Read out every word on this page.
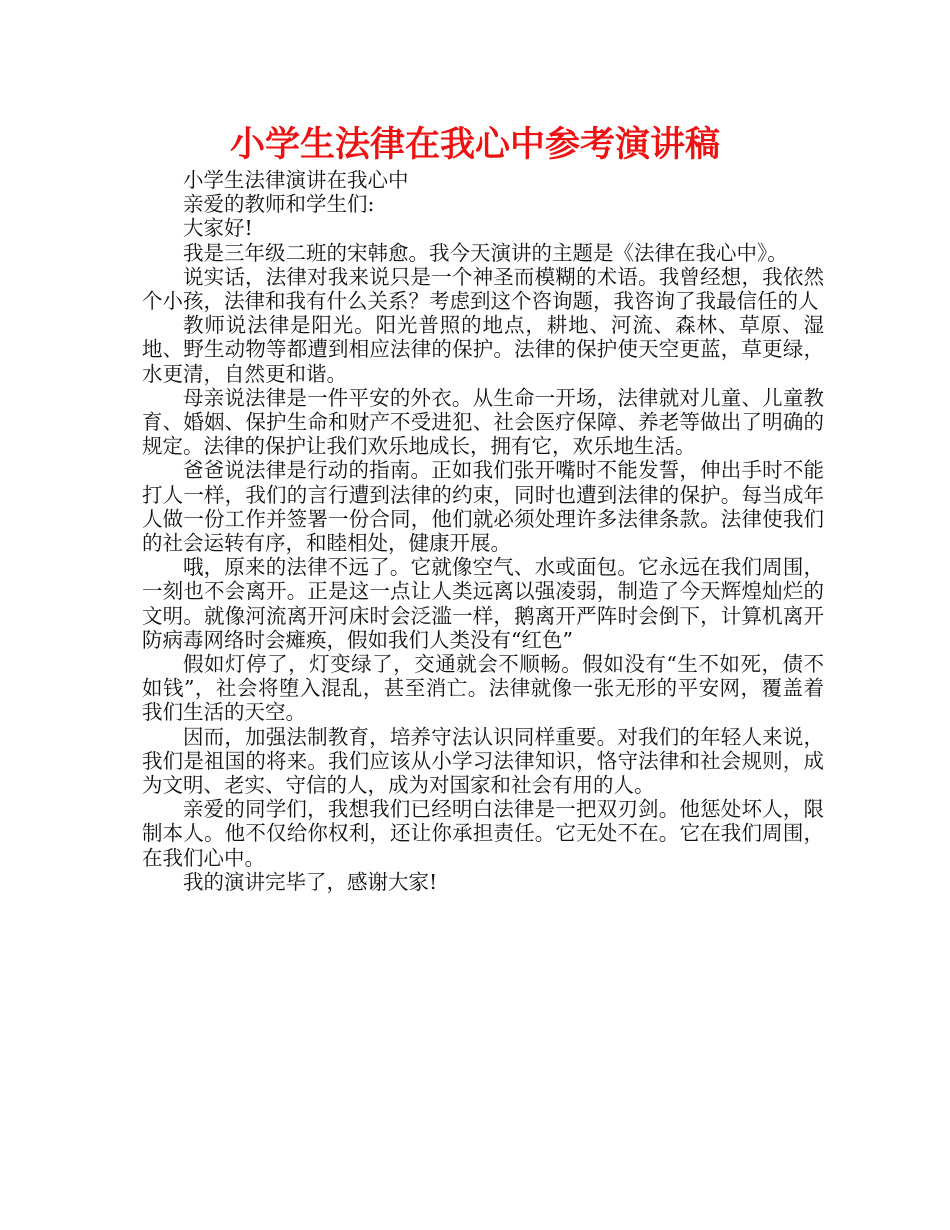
小学生法律在我心中参考演讲稿

小学生法律演讲在我心中

亲爱的教师和学生们:

大家好!

我是三年级二班的宋韩愈。我今天演讲的主题是《法律在我心中》。

说实话，法律对我来说只是一个神圣而模糊的术语。我曾经想，我依然个小孩，法律和我有什么关系？考虑到这个咨询题，我咨询了我最信任的人

教师说法律是阳光。阳光普照的地点，耕地、河流、森林、草原、湿地、野生动物等都遭到相应法律的保护。法律的保护使天空更蓝，草更绿，水更清，自然更和谐。

母亲说法律是一件平安的外衣。从生命一开场，法律就对儿童、儿童教育、婚姻、保护生命和财产不受进犯、社会医疗保障、养老等做出了明确的规定。法律的保护让我们欢乐地成长，拥有它，欢乐地生活。

爸爸说法律是行动的指南。正如我们张开嘴时不能发誓，伸出手时不能打人一样，我们的言行遭到法律的约束，同时也遭到法律的保护。每当成年人做一份工作并签署一份合同，他们就必须处理许多法律条款。法律使我们的社会运转有序，和睦相处，健康开展。

哦，原来的法律不远了。它就像空气、水或面包。它永远在我们周围，一刻也不会离开。正是这一点让人类远离以强凌弱，制造了今天辉煌灿烂的文明。就像河流离开河床时会泛滥一样，鹅离开严阵时会倒下，计算机离开防病毒网络时会瘫痪，假如我们人类没有“红色”

假如灯停了，灯变绿了，交通就会不顺畅。假如没有“生不如死，债不如钱”，社会将堕入混乱，甚至消亡。法律就像一张无形的平安网，覆盖着我们生活的天空。

因而，加强法制教育，培养守法认识同样重要。对我们的年轻人来说，我们是祖国的将来。我们应该从小学习法律知识，恪守法律和社会规则，成为文明、老实、守信的人，成为对国家和社会有用的人。

亲爱的同学们，我想我们已经明白法律是一把双刃剑。他惩处坏人，限制本人。他不仅给你权利，还让你承担责任。它无处不在。它在我们周围，在我们心中。

我的演讲完毕了，感谢大家!
